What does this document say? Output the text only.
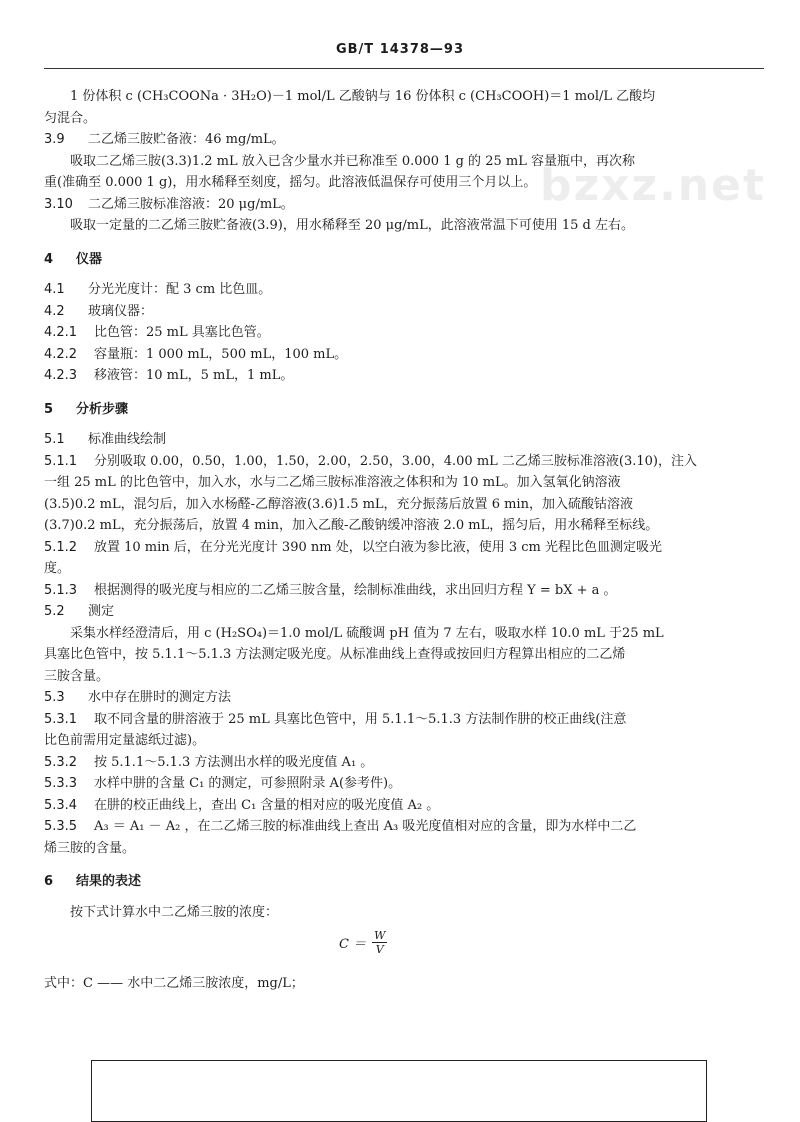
GB/T 14378—93
bzxz.net
1 份体积 c (CH₃COONa · 3H₂O)－1 mol/L 乙酸钠与 16 份体积 c (CH₃COOH)＝1 mol/L 乙酸均
匀混合。
3.9 二乙烯三胺贮备液：46 mg/mL。
吸取二乙烯三胺(3.3)1.2 mL 放入已含少量水并已称准至 0.000 1 g 的 25 mL 容量瓶中，再次称
重(准确至 0.000 1 g)，用水稀释至刻度，摇匀。此溶液低温保存可使用三个月以上。
3.10 二乙烯三胺标准溶液：20 μg/mL。
吸取一定量的二乙烯三胺贮备液(3.9)，用水稀释至 20 μg/mL，此溶液常温下可使用 15 d 左右。
4 仪器
4.1 分光光度计：配 3 cm 比色皿。
4.2 玻璃仪器：
4.2.1 比色管：25 mL 具塞比色管。
4.2.2 容量瓶：1 000 mL，500 mL，100 mL。
4.2.3 移液管：10 mL，5 mL，1 mL。
5 分析步骤
5.1 标准曲线绘制
5.1.1 分别吸取 0.00，0.50，1.00，1.50，2.00，2.50，3.00，4.00 mL 二乙烯三胺标准溶液(3.10)，注入
一组 25 mL 的比色管中，加入水，水与二乙烯三胺标准溶液之体积和为 10 mL。加入氢氧化钠溶液
(3.5)0.2 mL，混匀后，加入水杨醛-乙醇溶液(3.6)1.5 mL，充分振荡后放置 6 min，加入硫酸钴溶液
(3.7)0.2 mL，充分振荡后，放置 4 min，加入乙酸-乙酸钠缓冲溶液 2.0 mL，摇匀后，用水稀释至标线。
5.1.2 放置 10 min 后，在分光光度计 390 nm 处，以空白液为参比液，使用 3 cm 光程比色皿测定吸光
度。
5.1.3 根据测得的吸光度与相应的二乙烯三胺含量，绘制标准曲线，求出回归方程 Y = bX + a 。
5.2 测定
采集水样经澄清后，用 c (H₂SO₄)＝1.0 mol/L 硫酸调 pH 值为 7 左右，吸取水样 10.0 mL 于25 mL
具塞比色管中，按 5.1.1～5.1.3 方法测定吸光度。从标准曲线上查得或按回归方程算出相应的二乙烯
三胺含量。
5.3 水中存在肼时的测定方法
5.3.1 取不同含量的肼溶液于 25 mL 具塞比色管中，用 5.1.1～5.1.3 方法制作肼的校正曲线(注意
比色前需用定量滤纸过滤)。
5.3.2 按 5.1.1～5.1.3 方法测出水样的吸光度值 A₁ 。
5.3.3 水样中肼的含量 C₁ 的测定，可参照附录 A(参考件)。
5.3.4 在肼的校正曲线上，查出 C₁ 含量的相对应的吸光度值 A₂ 。
5.3.5 A₃ ＝ A₁ － A₂ ，在二乙烯三胺的标准曲线上查出 A₃ 吸光度值相对应的含量，即为水样中二乙
烯三胺的含量。
6 结果的表述
按下式计算水中二乙烯三胺的浓度：
$C = \frac{W}{V}$
式中：C —— 水中二乙烯三胺浓度，mg/L；
